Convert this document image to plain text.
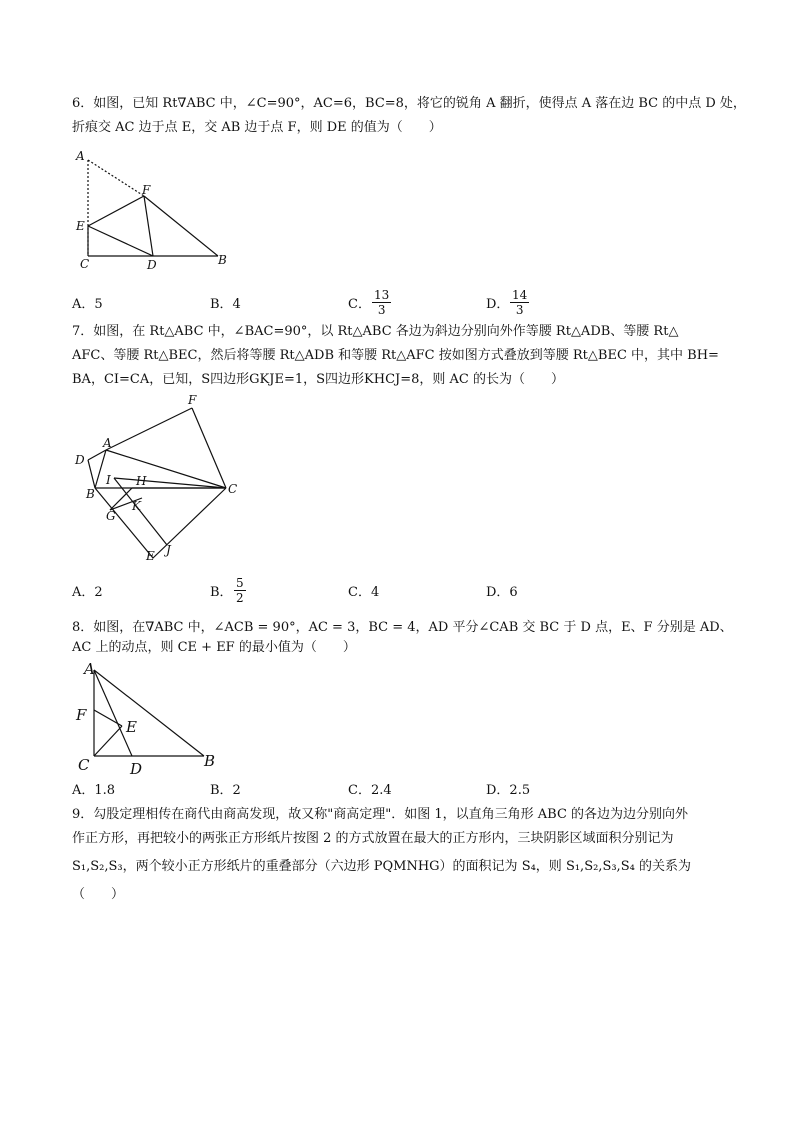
6．如图，已知 Rt∇ABC 中，∠C=90°，AC=6，BC=8，将它的锐角 A 翻折，使得点 A 落在边 BC 的中点 D 处，
折痕交 AC 边于点 E，交 AB 边于点 F，则 DE 的值为（　　）
A
F
E
C	D	B
A．5	B．4	C． $\frac{13}{3}$	D． $\frac{14}{3}$
7．如图，在 Rt△ABC 中，∠BAC=90°，以 Rt△ABC 各边为斜边分别向外作等腰 Rt△ADB、等腰 Rt△
AFC、等腰 Rt△BEC，然后将等腰 Rt△ADB 和等腰 Rt△AFC 按如图方式叠放到等腰 Rt△BEC 中，其中 BH=
BA，CI=CA，已知，S四边形GKJE=1，S四边形KHCJ=8，则 AC 的长为（　　）
F
A
D
I H
B	C
K
G
J
E
A．2	B． $\frac{5}{2}$	C．4	D．6
8．如图，在∇ABC 中，∠ACB = 90°，AC = 3，BC = 4，AD 平分∠CAB 交 BC 于 D 点，E、F 分别是 AD、
AC 上的动点，则 CE + EF 的最小值为（　　）
A
F
E
C	D	B
A．1.8	B．2	C．2.4	D．2.5
9．勾股定理相传在商代由商高发现，故又称"商高定理"．如图 1，以直角三角形 ABC 的各边为边分别向外
作正方形，再把较小的两张正方形纸片按图 2 的方式放置在最大的正方形内，三块阴影区域面积分别记为
S₁,S₂,S₃，两个较小正方形纸片的重叠部分（六边形 PQMNHG）的面积记为 S₄，则 S₁,S₂,S₃,S₄ 的关系为
（　　）
